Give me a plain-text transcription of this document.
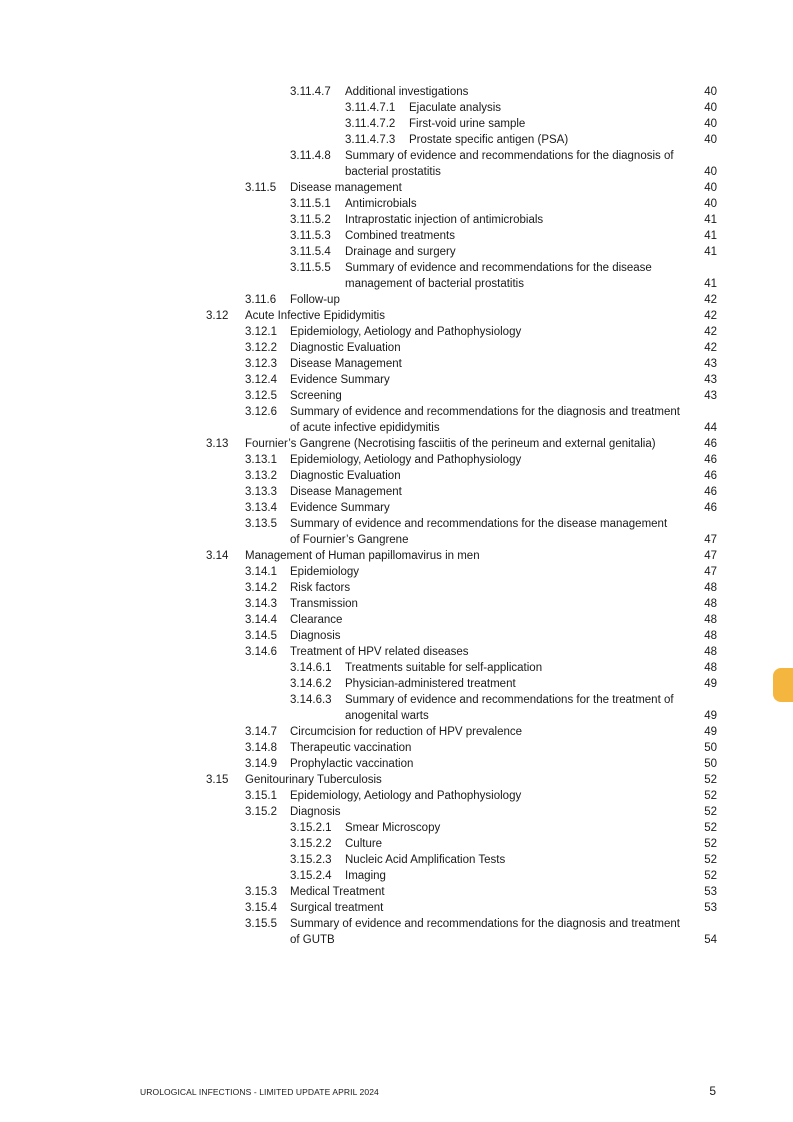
3.11.4.7 Additional investigations	40
3.11.4.7.1 Ejaculate analysis	40
3.11.4.7.2 First-void urine sample	40
3.11.4.7.3 Prostate specific antigen (PSA)	40
3.11.4.8 Summary of evidence and recommendations for the diagnosis of
bacterial prostatitis	40
3.11.5 Disease management	40
3.11.5.1 Antimicrobials	40
3.11.5.2 Intraprostatic injection of antimicrobials	41
3.11.5.3 Combined treatments	41
3.11.5.4 Drainage and surgery	41
3.11.5.5 Summary of evidence and recommendations for the disease
management of bacterial prostatitis	41
3.11.6 Follow-up	42
3.12 Acute Infective Epididymitis	42
3.12.1 Epidemiology, Aetiology and Pathophysiology	42
3.12.2 Diagnostic Evaluation	42
3.12.3 Disease Management	43
3.12.4 Evidence Summary	43
3.12.5 Screening	43
3.12.6 Summary of evidence and recommendations for the diagnosis and treatment
of acute infective epididymitis	44
3.13 Fournier’s Gangrene (Necrotising fasciitis of the perineum and external genitalia)	46
3.13.1 Epidemiology, Aetiology and Pathophysiology	46
3.13.2 Diagnostic Evaluation	46
3.13.3 Disease Management	46
3.13.4 Evidence Summary	46
3.13.5 Summary of evidence and recommendations for the disease management
of Fournier’s Gangrene	47
3.14 Management of Human papillomavirus in men	47
3.14.1 Epidemiology	47
3.14.2 Risk factors	48
3.14.3 Transmission	48
3.14.4 Clearance	48
3.14.5 Diagnosis	48
3.14.6 Treatment of HPV related diseases	48
3.14.6.1 Treatments suitable for self-application	48
3.14.6.2 Physician-administered treatment	49
3.14.6.3 Summary of evidence and recommendations for the treatment of
anogenital warts	49
3.14.7 Circumcision for reduction of HPV prevalence	49
3.14.8 Therapeutic vaccination	50
3.14.9 Prophylactic vaccination	50
3.15 Genitourinary Tuberculosis	52
3.15.1 Epidemiology, Aetiology and Pathophysiology	52
3.15.2 Diagnosis	52
3.15.2.1 Smear Microscopy	52
3.15.2.2 Culture	52
3.15.2.3 Nucleic Acid Amplification Tests	52
3.15.2.4 Imaging	52
3.15.3 Medical Treatment	53
3.15.4 Surgical treatment	53
3.15.5 Summary of evidence and recommendations for the diagnosis and treatment
of GUTB	54
UROLOGICAL INFECTIONS - LIMITED UPDATE APRIL 2024	5
